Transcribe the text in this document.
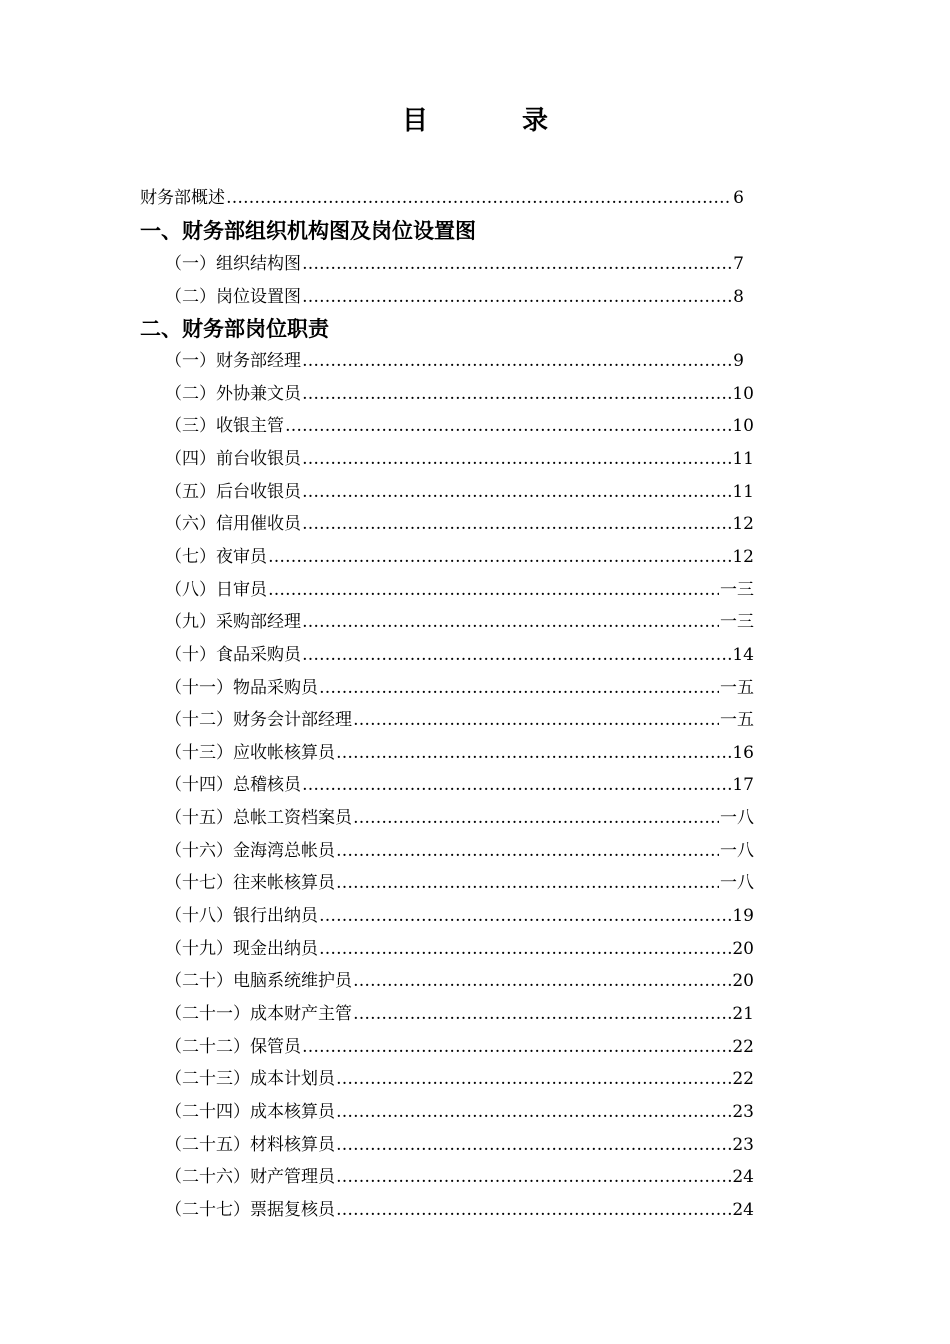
目　录
财务部概述 ……………………………………………………………………………………………………………………………………………………………………………………	6
一、财务部组织机构图及岗位设置图
（一）组织结构图 ……………………………………………………………………………………………………………………………………………………………………………………	7
（二）岗位设置图 ……………………………………………………………………………………………………………………………………………………………………………………	8
二、财务部岗位职责
（一）财务部经理 ……………………………………………………………………………………………………………………………………………………………………………………	9
（二）外协兼文员 ……………………………………………………………………………………………………………………………………………………………………………………	10
（三）收银主管 ……………………………………………………………………………………………………………………………………………………………………………………	10
（四）前台收银员 ……………………………………………………………………………………………………………………………………………………………………………………	11
（五）后台收银员 ……………………………………………………………………………………………………………………………………………………………………………………	11
（六）信用催收员 ……………………………………………………………………………………………………………………………………………………………………………………	12
（七）夜审员 ……………………………………………………………………………………………………………………………………………………………………………………	12
（八）日审员 ……………………………………………………………………………………………………………………………………………………………………………………	一三
（九）采购部经理 ……………………………………………………………………………………………………………………………………………………………………………………	一三
（十）食品采购员 ……………………………………………………………………………………………………………………………………………………………………………………	14
（十一）物品采购员 ……………………………………………………………………………………………………………………………………………………………………………………	一五
（十二）财务会计部经理 ……………………………………………………………………………………………………………………………………………………………………………………	一五
（十三）应收帐核算员 ……………………………………………………………………………………………………………………………………………………………………………………	16
（十四）总稽核员 ……………………………………………………………………………………………………………………………………………………………………………………	17
（十五）总帐工资档案员 ……………………………………………………………………………………………………………………………………………………………………………………	一八
（十六）金海湾总帐员 ……………………………………………………………………………………………………………………………………………………………………………………	一八
（十七）往来帐核算员 ……………………………………………………………………………………………………………………………………………………………………………………	一八
（十八）银行出纳员 ……………………………………………………………………………………………………………………………………………………………………………………	19
（十九）现金出纳员 ……………………………………………………………………………………………………………………………………………………………………………………	20
（二十）电脑系统维护员 ……………………………………………………………………………………………………………………………………………………………………………………	20
（二十一）成本财产主管 ……………………………………………………………………………………………………………………………………………………………………………………	21
（二十二）保管员 ……………………………………………………………………………………………………………………………………………………………………………………	22
（二十三）成本计划员 ……………………………………………………………………………………………………………………………………………………………………………………	22
（二十四）成本核算员 ……………………………………………………………………………………………………………………………………………………………………………………	23
（二十五）材料核算员 ……………………………………………………………………………………………………………………………………………………………………………………	23
（二十六）财产管理员 ……………………………………………………………………………………………………………………………………………………………………………………	24
（二十七）票据复核员 ……………………………………………………………………………………………………………………………………………………………………………………	24
